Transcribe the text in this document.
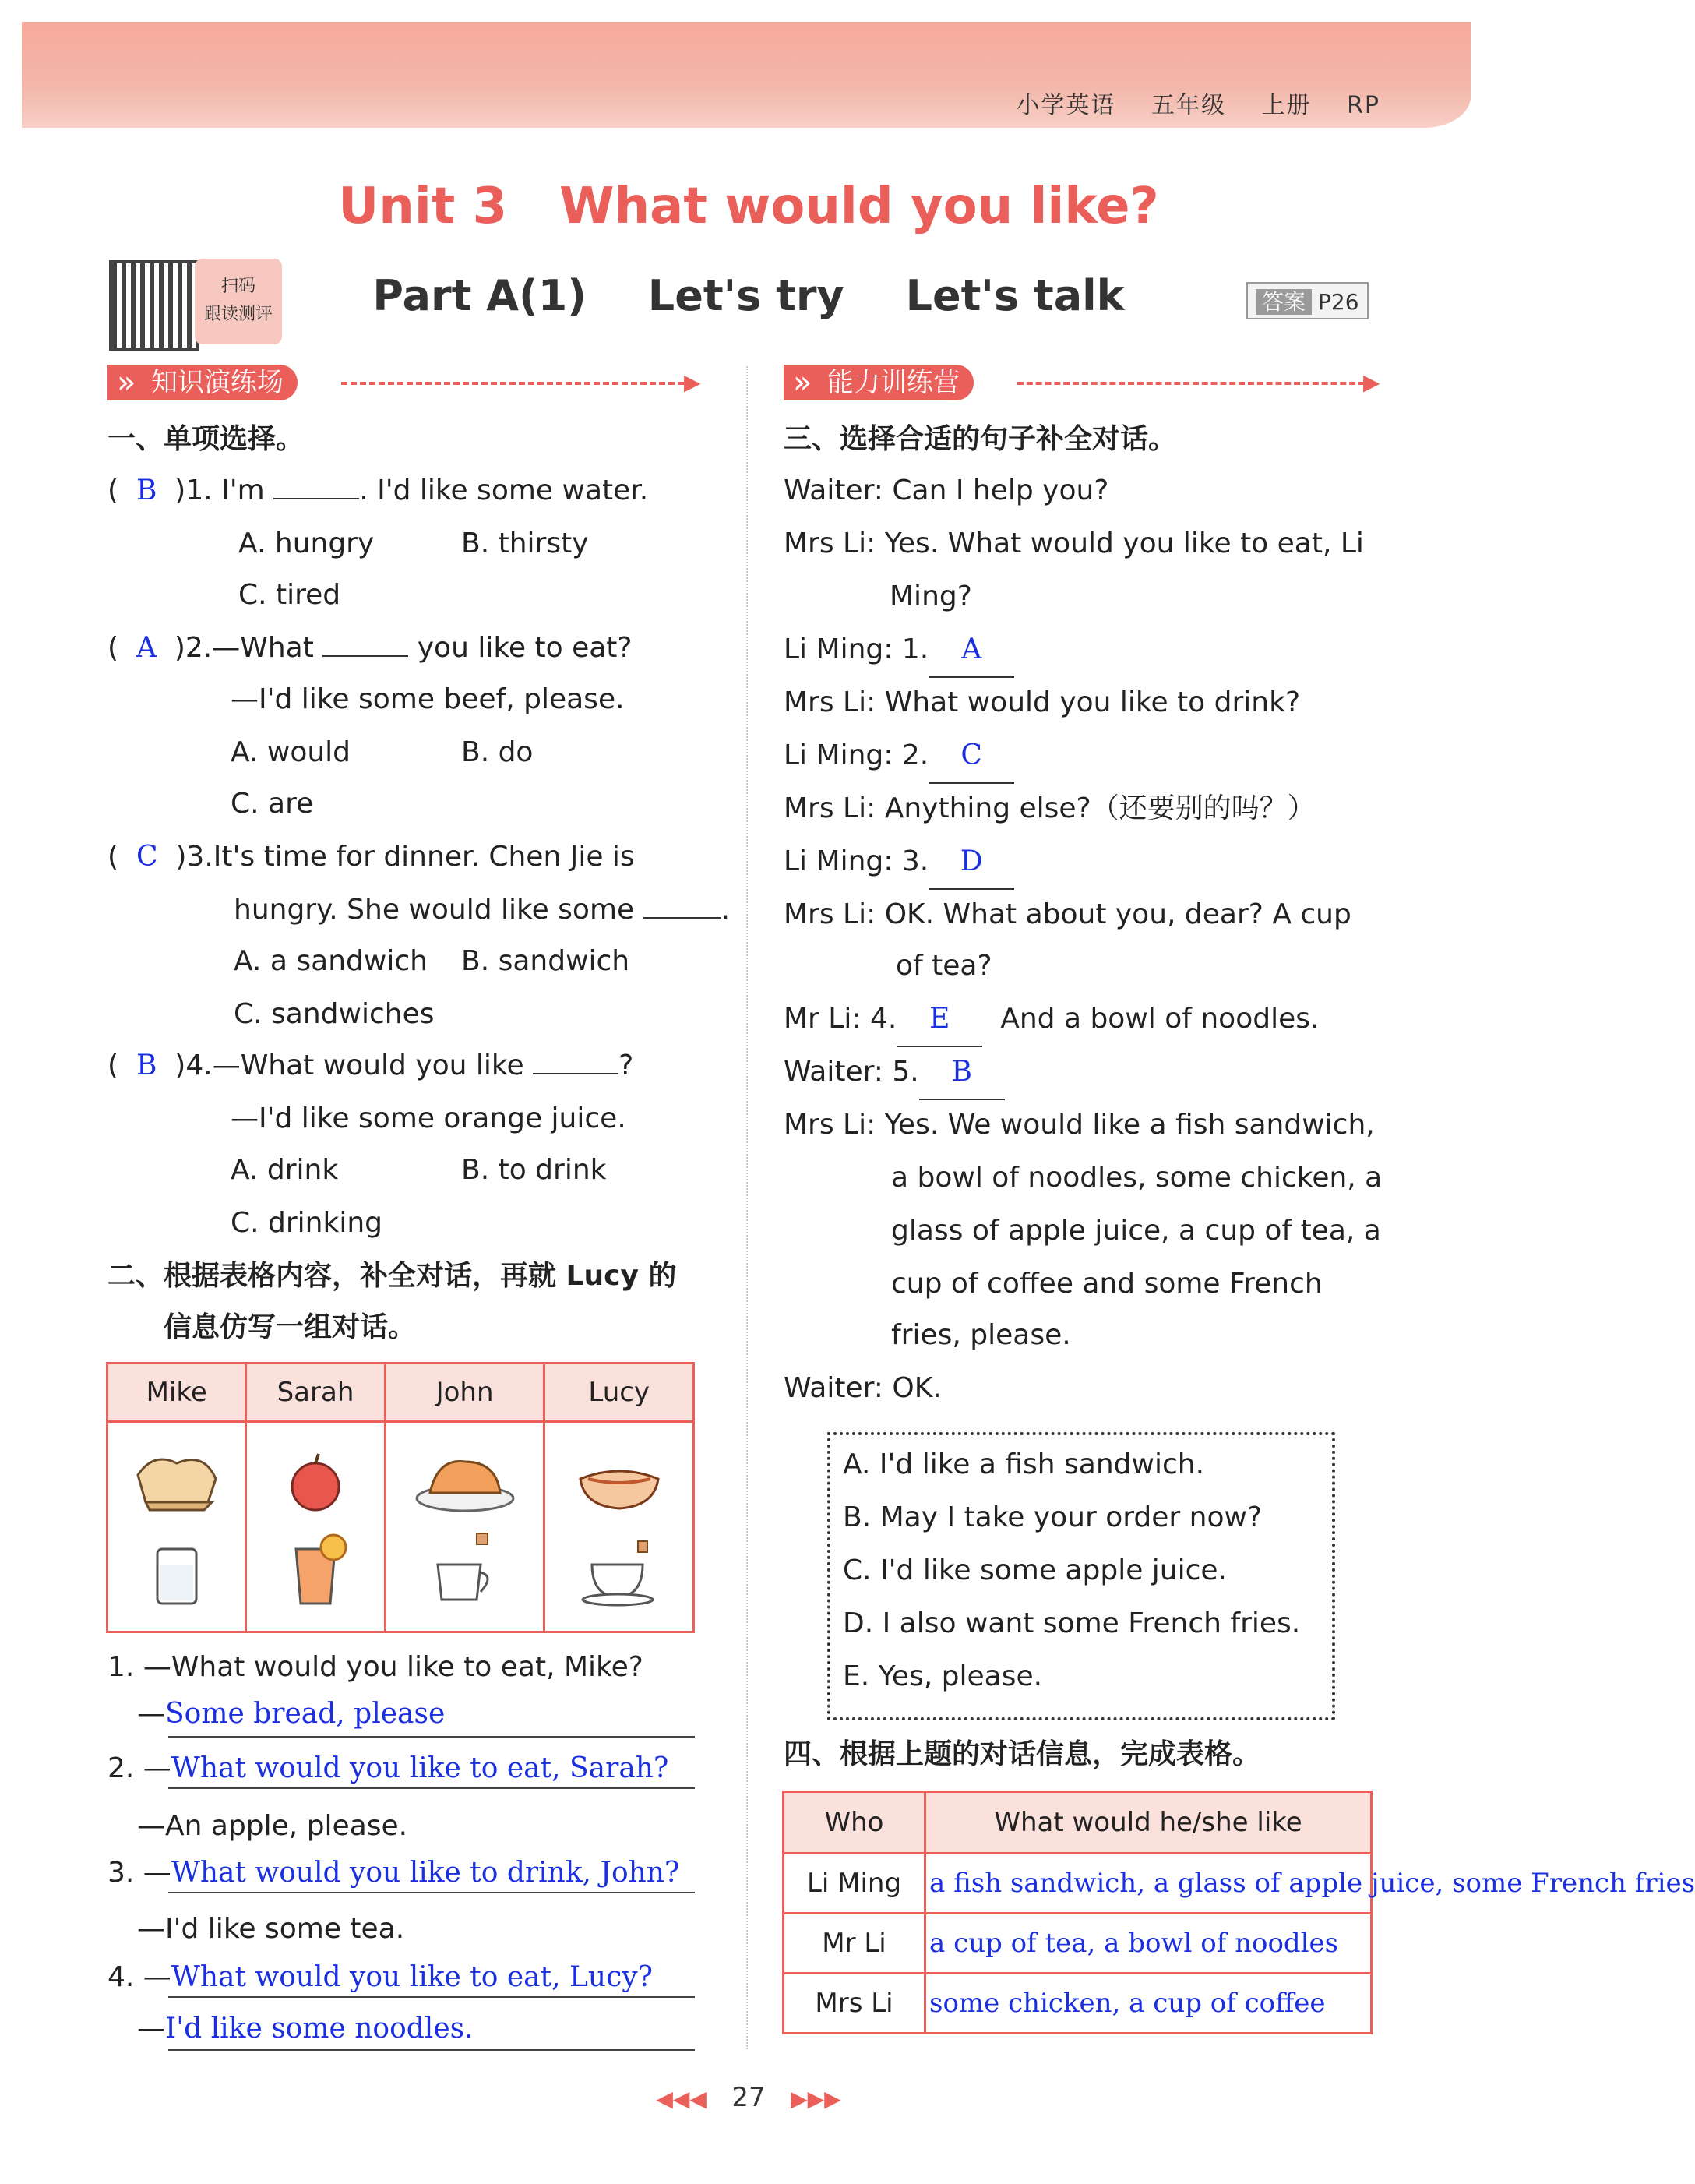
小学英语 五年级 上册 RP
Unit 3 What would you like?
扫码
跟读测评	Part A(1) Let's try Let's talk	答案 P26
» 知识演练场	▶
一、单项选择。
(  B )1. I'm	. I'd like some water.
A. hungry	B. thirsty
C. tired
(  A )2.—What	you like to eat?
—I'd like some beef, please.
A. would	B. do
C. are
(  C )3.It's time for dinner. Chen Jie is
hungry. She would like some	.
A. a sandwich B. sandwich
C. sandwiches
(  B )4.—What would you like	?
—I'd like some orange juice.
A. drink	B. to drink
C. drinking
二、根据表格内容，补全对话，再就 Lucy 的
信息仿写一组对话。
Mike	Sarah	John	Lucy

1. —What would you like to eat, Mike?
—Some bread, please
2. —What would you like to eat, Sarah?
—An apple, please.
3. —What would you like to drink, John?
—I'd like some tea.
4. —What would you like to eat, Lucy?
—I'd like some noodles.
» 能力训练营	▶
三、选择合适的句子补全对话。
Waiter: Can I help you?
Mrs Li: Yes. What would you like to eat, Li
Ming?
Li Ming: 1. A
Mrs Li: What would you like to drink?
Li Ming: 2. C
Mrs Li: Anything else?（还要别的吗？）
Li Ming: 3. D
Mrs Li: OK. What about you, dear? A cup
of tea?
Mr Li: 4. E And a bowl of noodles.
Waiter: 5. B
Mrs Li: Yes. We would like a fish sandwich,
a bowl of noodles, some chicken, a
glass of apple juice, a cup of tea, a
cup of coffee and some French
fries, please.
Waiter: OK.
A. I'd like a fish sandwich.
B. May I take your order now?
C. I'd like some apple juice.
D. I also want some French fries.
E. Yes, please.
四、根据上题的对话信息，完成表格。
Who	What would he/she like
Li Ming	a fish sandwich, a glass of apple juice, some French fries
Mr Li	a cup of tea, a bowl of noodles
Mrs Li	some chicken, a cup of coffee
◀◀◀ 27 ▶▶▶
